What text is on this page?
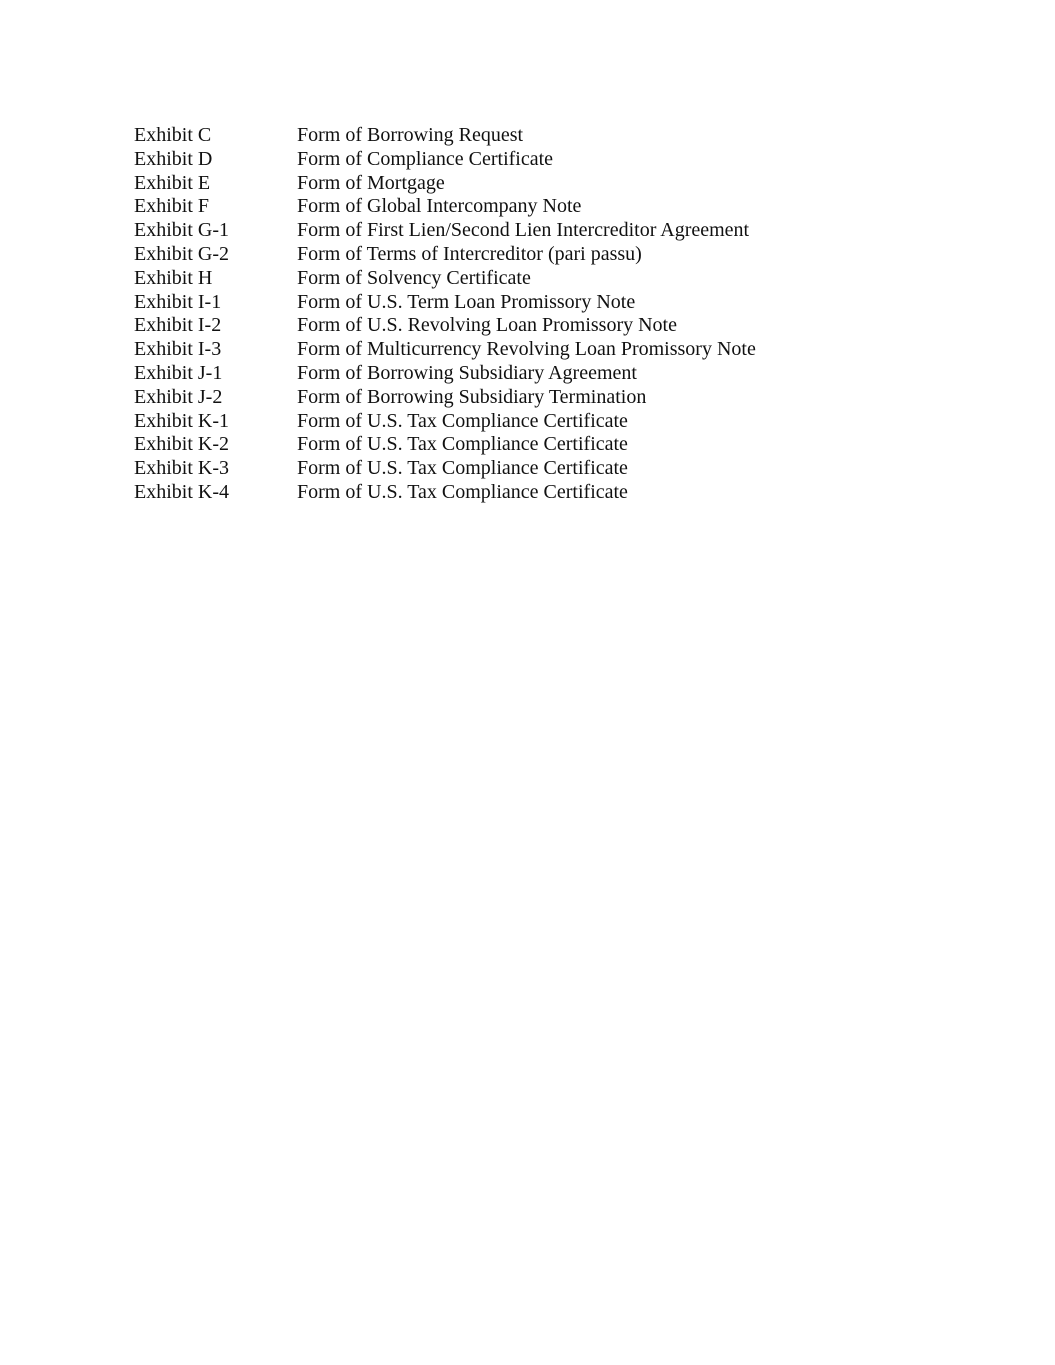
Exhibit C	Form of Borrowing Request
Exhibit D	Form of Compliance Certificate
Exhibit E	Form of Mortgage
Exhibit F	Form of Global Intercompany Note
Exhibit G-1	Form of First Lien/Second Lien Intercreditor Agreement
Exhibit G-2	Form of Terms of Intercreditor (pari passu)
Exhibit H	Form of Solvency Certificate
Exhibit I-1	Form of U.S. Term Loan Promissory Note
Exhibit I-2	Form of U.S. Revolving Loan Promissory Note
Exhibit I-3	Form of Multicurrency Revolving Loan Promissory Note
Exhibit J-1	Form of Borrowing Subsidiary Agreement
Exhibit J-2	Form of Borrowing Subsidiary Termination
Exhibit K-1	Form of U.S. Tax Compliance Certificate
Exhibit K-2	Form of U.S. Tax Compliance Certificate
Exhibit K-3	Form of U.S. Tax Compliance Certificate
Exhibit K-4	Form of U.S. Tax Compliance Certificate
